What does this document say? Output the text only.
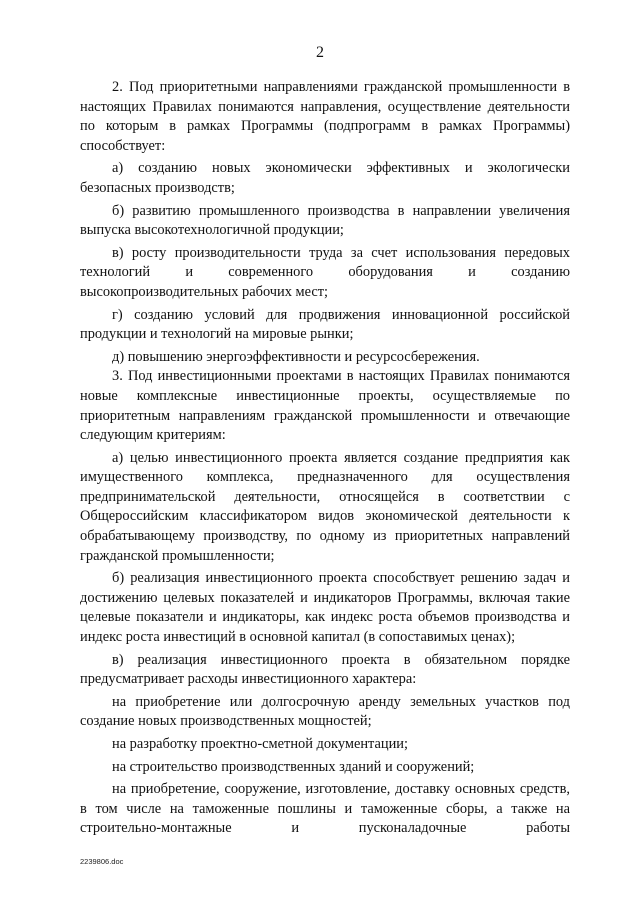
2

2. Под приоритетными направлениями гражданской промышленности в настоящих Правилах понимаются направления, осуществление деятельности по которым в рамках Программы (подпрограмм в рамках Программы) способствует:

а) созданию новых экономически эффективных и экологически безопасных производств;

б) развитию промышленного производства в направлении увеличения выпуска высокотехнологичной продукции;

в) росту производительности труда за счет использования передовых технологий и современного оборудования и созданию высокопроизводительных рабочих мест;

г) созданию условий для продвижения инновационной российской продукции и технологий на мировые рынки;

д) повышению энергоэффективности и ресурсосбережения.

3. Под инвестиционными проектами в настоящих Правилах понимаются новые комплексные инвестиционные проекты, осуществляемые по приоритетным направлениям гражданской промышленности и отвечающие следующим критериям:

а) целью инвестиционного проекта является создание предприятия как имущественного комплекса, предназначенного для осуществления предпринимательской деятельности, относящейся в соответствии с Общероссийским классификатором видов экономической деятельности к обрабатывающему производству, по одному из приоритетных направлений гражданской промышленности;

б) реализация инвестиционного проекта способствует решению задач и достижению целевых показателей и индикаторов Программы, включая такие целевые показатели и индикаторы, как индекс роста объемов производства и индекс роста инвестиций в основной капитал (в сопоставимых ценах);

в) реализация инвестиционного проекта в обязательном порядке предусматривает расходы инвестиционного характера:

на приобретение или долгосрочную аренду земельных участков под создание новых производственных мощностей;

на разработку проектно-сметной документации;

на строительство производственных зданий и сооружений;

на приобретение, сооружение, изготовление, доставку основных средств, в том числе на таможенные пошлины и таможенные сборы, а также на строительно-монтажные и пусконаладочные работы

2239806.doc
